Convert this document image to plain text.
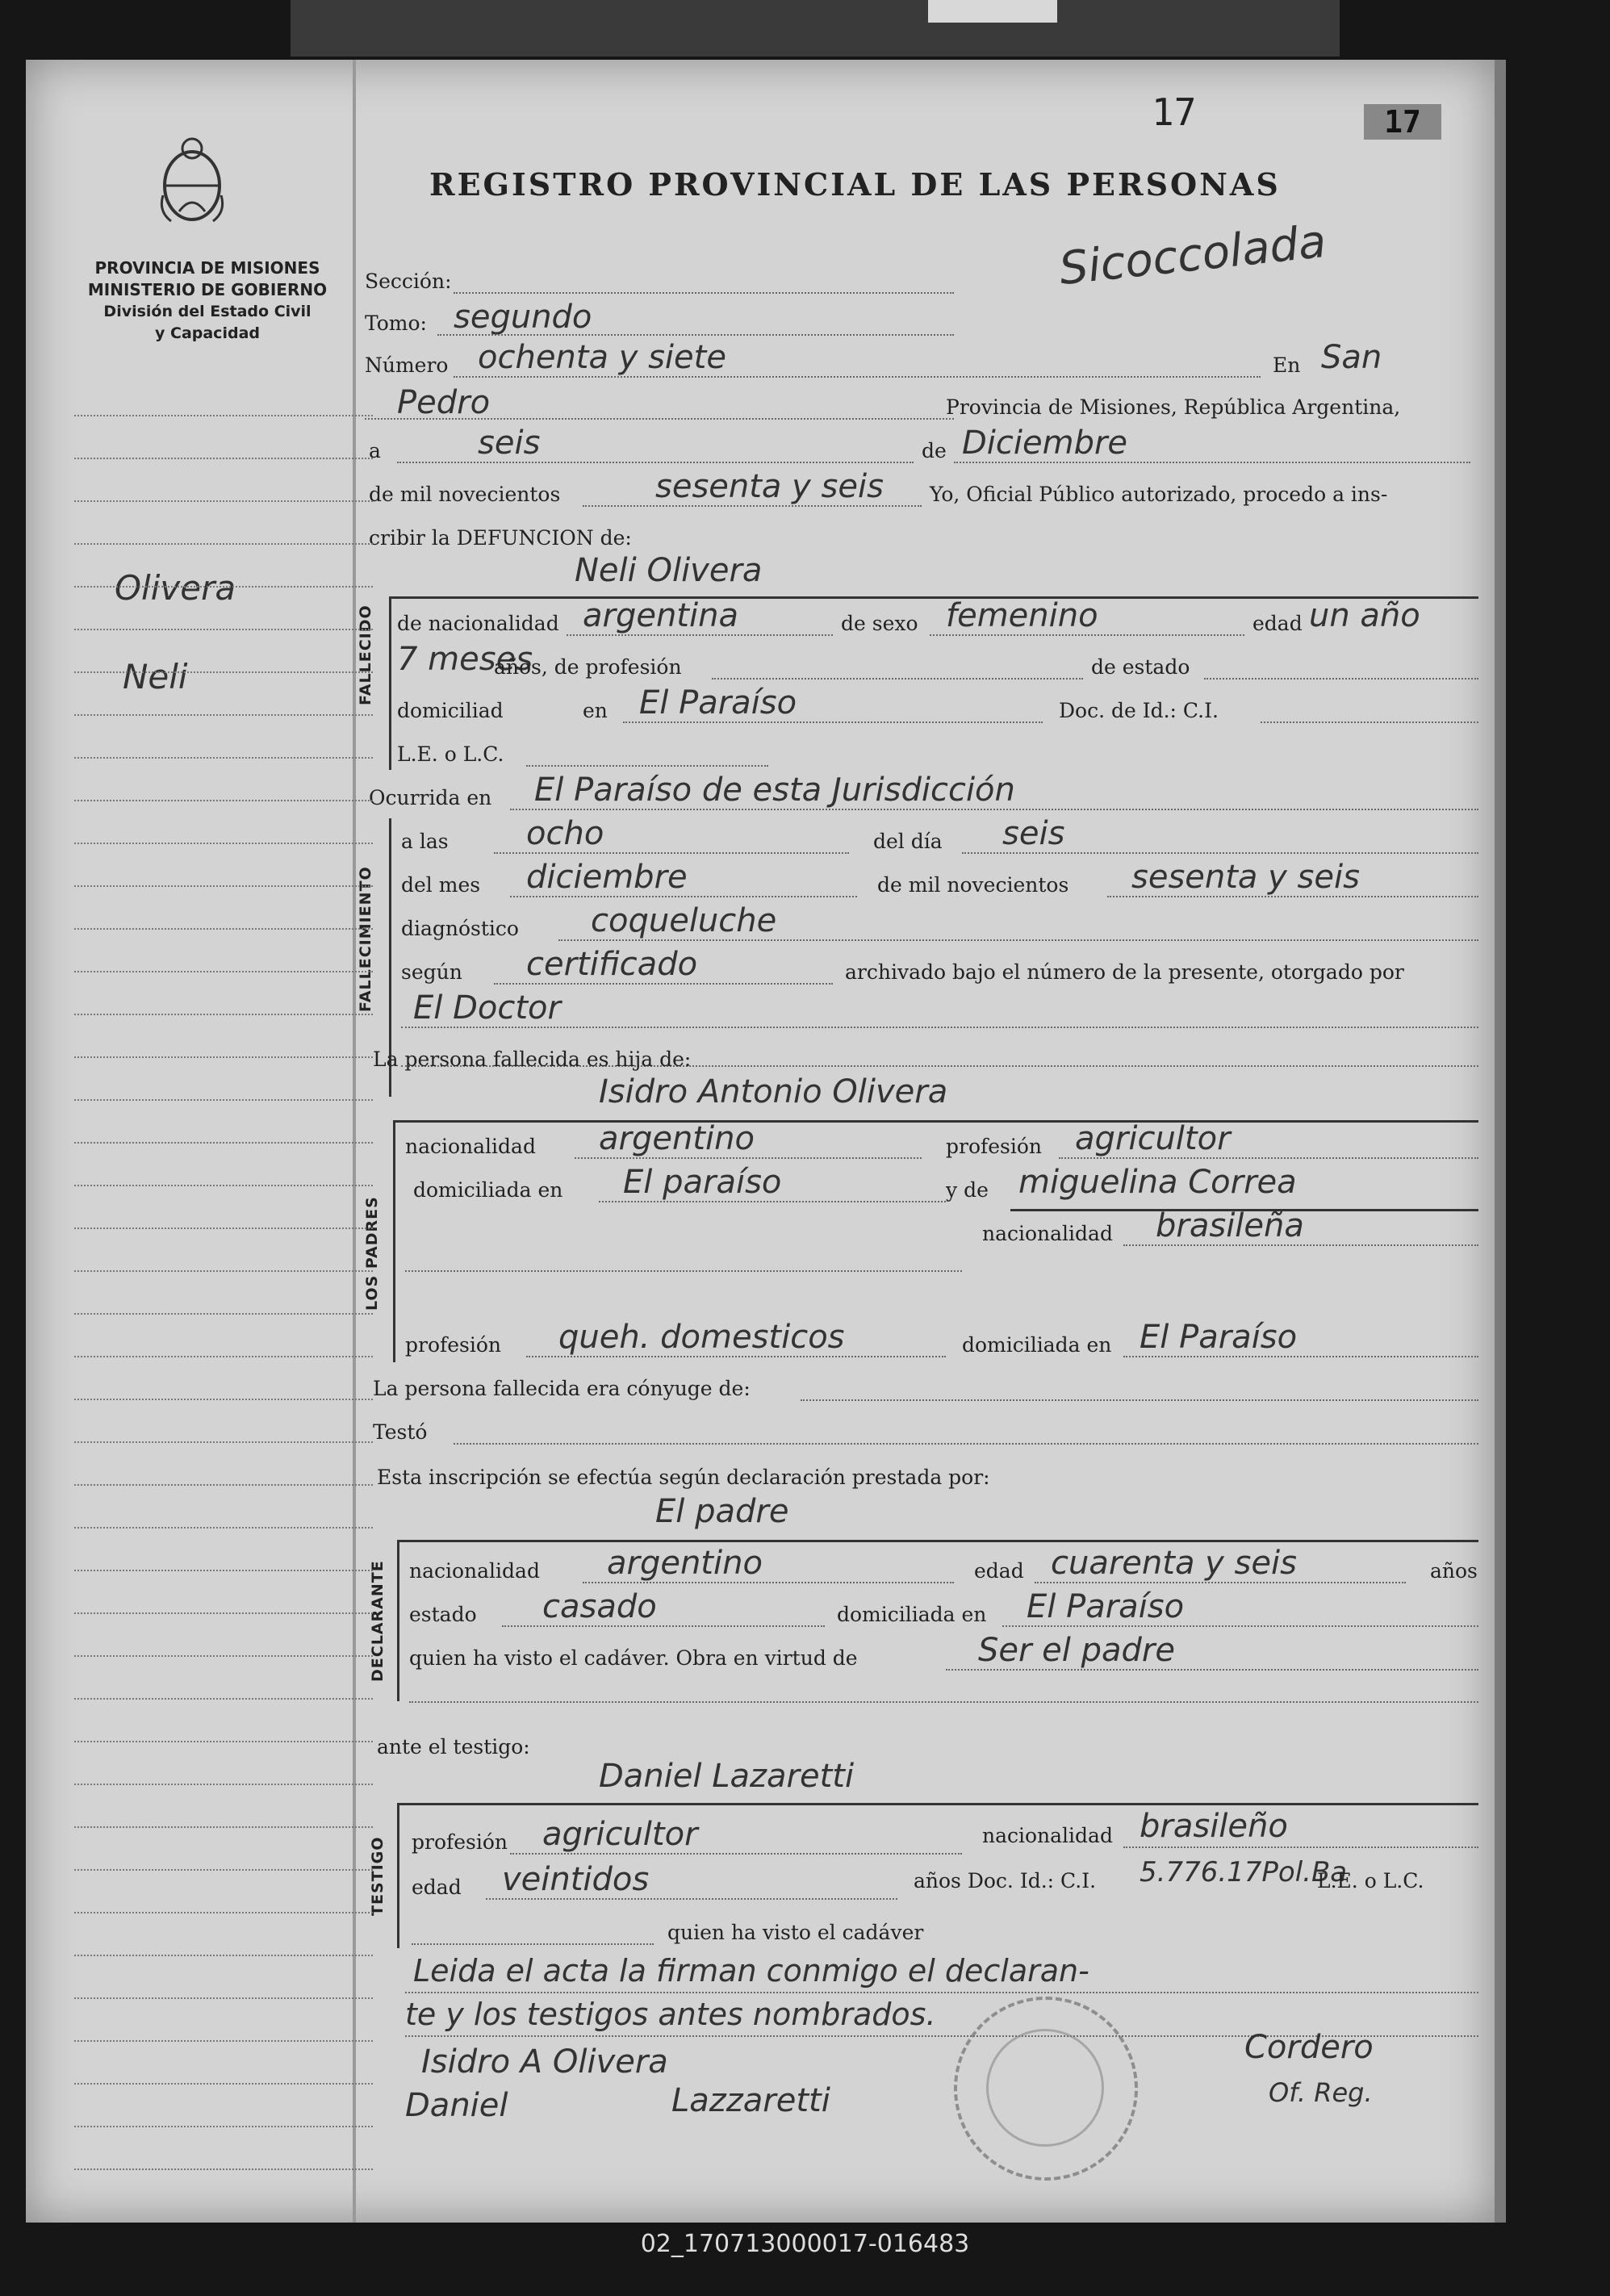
PROVINCIA DE MISIONES
MINISTERIO DE GOBIERNO
División del Estado Civil
y Capacidad
17	17
REGISTRO PROVINCIAL DE LAS PERSONAS
Sicoccolada
Olivera
Neli
Sección:
Tomo: segundo
Número ochenta y siete	En San
Pedro	Provincia de Misiones, República Argentina,
a	seis	de Diciembre
de mil novecientos	sesenta y seis Yo, Oficial Público autorizado, procedo a ins-
cribir la DEFUNCION de:
Neli Olivera
FALLECIDO de nacionalidad argentina	de sexo femenino	edad un año
7 meses
años, de profesión	de estado
domiciliad	en El Paraíso	Doc. de Id.: C.I.
L.E. o L.C.
Ocurrida en El Paraíso de esta Jurisdicción
FALLECIMIENTO
a las ocho	del día seis
del mes diciembre	de mil novecientos sesenta y seis
diagnóstico coqueluche
según certificado	archivado bajo el número de la presente, otorgado por
El Doctor
La persona fallecida es hija de:
Isidro Antonio Olivera
LOS PADRES
nacionalidad argentino	profesión agricultor
domiciliada en El paraíso	y de miguelina Correa
nacionalidad brasileña
profesión queh. domesticos	domiciliada en El Paraíso
La persona fallecida era cónyuge de:
Testó
Esta inscripción se efectúa según declaración prestada por:
El padre
DECLARANTE nacionalidad argentino	edad cuarenta y seis	años
estado casado	domiciliada en El Paraíso
quien ha visto el cadáver. Obra en virtud de	Ser el padre
ante el testigo:
Daniel Lazaretti
TESTIGO profesión agricultor	nacionalidad brasileño
edad veintidos	años Doc. Id.: C.I. 5.776.17Pol.Ba
L.E. o L.C.
quien ha visto el cadáver
Leida el acta la firman conmigo el declaran-
te y los testigos antes nombrados.
Isidro A Olivera
Daniel	Lazzaretti
Cordero
Of. Reg.
02_170713000017-016483
